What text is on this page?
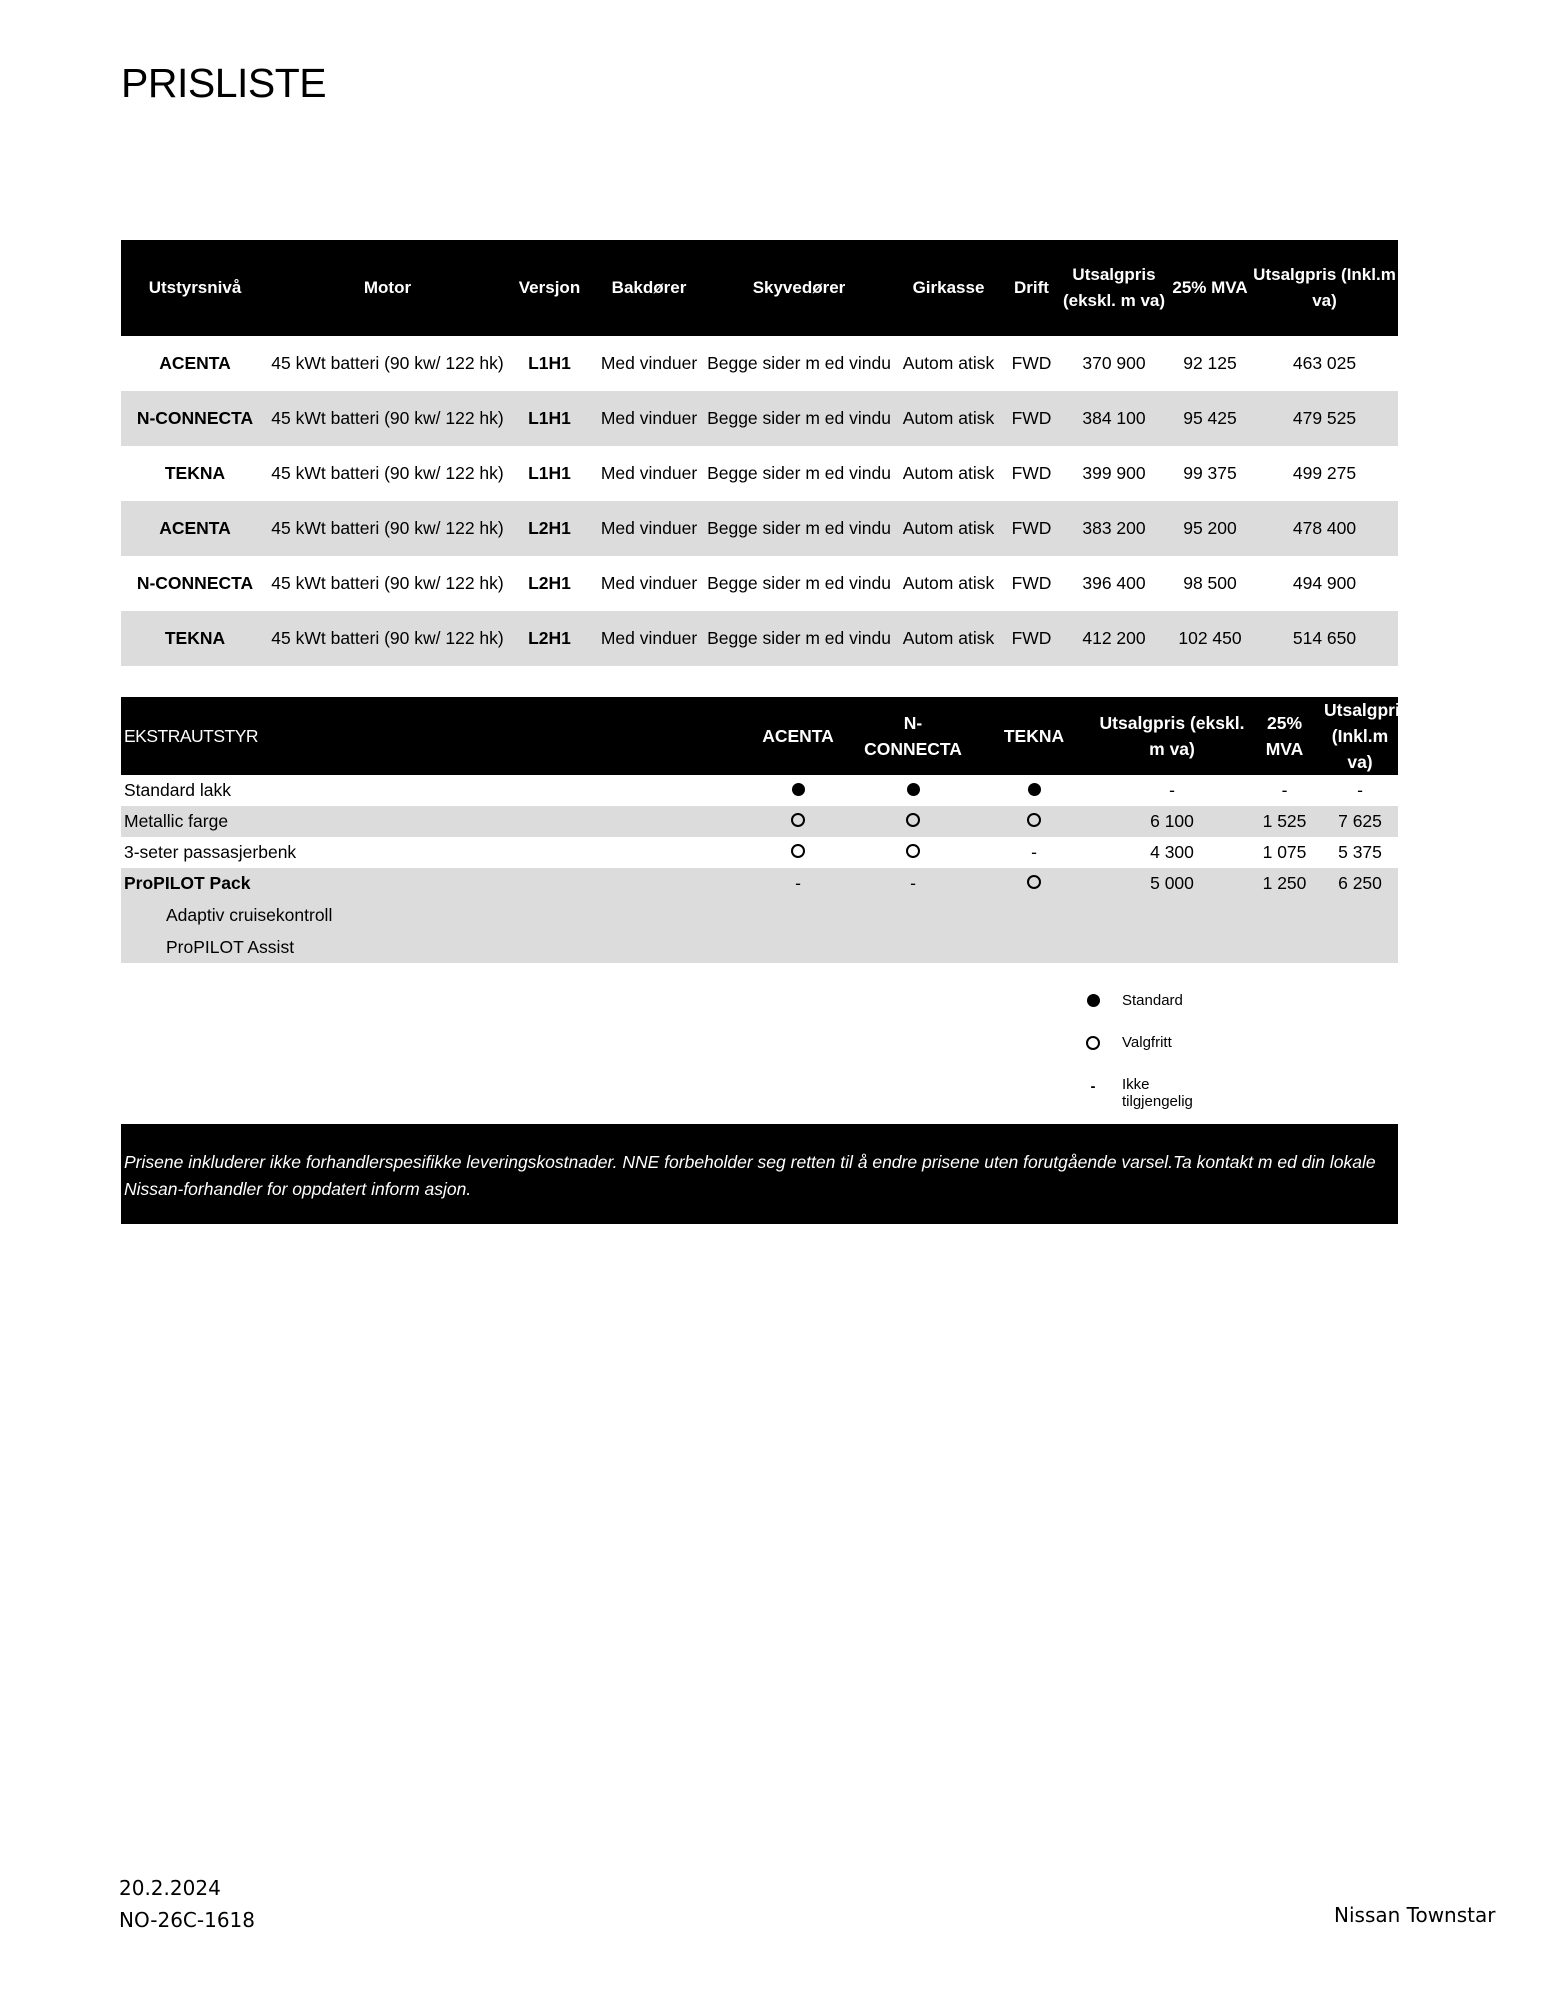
PRISLISTE
Utstyrsnivå	Motor	Versjon	Bakdører	Skyvedører	Girkasse	Drift	Utsalgpris (ekskl. m va)	25% MVA	Utsalgpris (Inkl.m va)
ACENTA	45 kWt batteri (90 kw/ 122 hk)	L1H1	Med vinduer	Begge sider m ed vindu	Autom atisk	FWD	370 900	92 125	463 025
N-CONNECTA	45 kWt batteri (90 kw/ 122 hk)	L1H1	Med vinduer	Begge sider m ed vindu	Autom atisk	FWD	384 100	95 425	479 525
TEKNA	45 kWt batteri (90 kw/ 122 hk)	L1H1	Med vinduer	Begge sider m ed vindu	Autom atisk	FWD	399 900	99 375	499 275
ACENTA	45 kWt batteri (90 kw/ 122 hk)	L2H1	Med vinduer	Begge sider m ed vindu	Autom atisk	FWD	383 200	95 200	478 400
N-CONNECTA	45 kWt batteri (90 kw/ 122 hk)	L2H1	Med vinduer	Begge sider m ed vindu	Autom atisk	FWD	396 400	98 500	494 900
TEKNA	45 kWt batteri (90 kw/ 122 hk)	L2H1	Med vinduer	Begge sider m ed vindu	Autom atisk	FWD	412 200	102 450	514 650
EKSTRAUTSTYR	ACENTA	N-CONNECTA	TEKNA	Utsalgpris (ekskl. m va)	25% MVA	Utsalgpris (Inkl.m va)
Standard lakk				-	-	-
Metallic farge				6 100	1 525	7 625
3-seter passasjerbenk			-	4 300	1 075	5 375
ProPILOT Pack	-	-		5 000	1 250	6 250
Adaptiv cruisekontroll						
ProPILOT Assist						
Standard
Valgfritt
-	Ikke tilgjengelig
Prisene inkluderer ikke forhandlerspesifikke leveringskostnader. NNE forbeholder seg retten til å endre prisene uten forutgående varsel.Ta kontakt m ed din lokale Nissan-forhandler for oppdatert inform asjon.
20.2.2024
NO-26C-1618	Nissan Townstar
